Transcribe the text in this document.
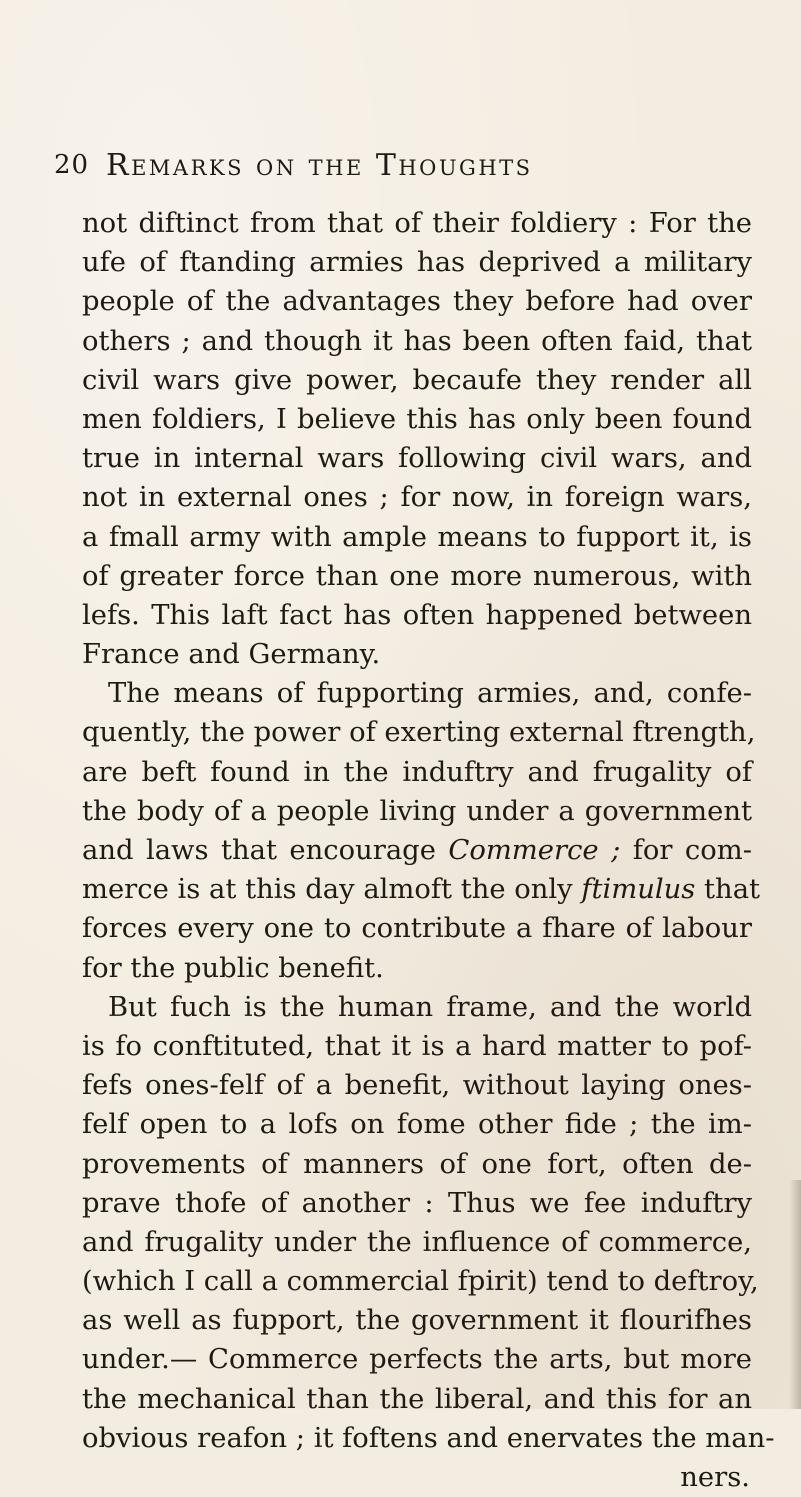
20 Remarks on the Thoughts
not diftinct from that of their foldiery : For the
ufe of ftanding armies has deprived a military
people of the advantages they before had over
others ; and though it has been often faid, that
civil wars give power, becaufe they render all
men foldiers, I believe this has only been found
true in internal wars following civil wars, and
not in external ones ; for now, in foreign wars,
a fmall army with ample means to fupport it, is
of greater force than one more numerous, with
lefs. This laft fact has often happened between
France and Germany.
The means of fupporting armies, and, confe-
quently, the power of exerting external ftrength,
are beft found in the induftry and frugality of
the body of a people living under a government
and laws that encourage Commerce ; for com-
merce is at this day almoft the only ftimulus that
forces every one to contribute a fhare of labour
for the public benefit.
But fuch is the human frame, and the world
is fo conftituted, that it is a hard matter to pof-
fefs ones-felf of a benefit, without laying ones-
felf open to a lofs on fome other fide ; the im-
provements of manners of one fort, often de-
prave thofe of another : Thus we fee induftry
and frugality under the influence of commerce,
(which I call a commercial fpirit) tend to deftroy,
as well as fupport, the government it flourifhes
under.— Commerce perfects the arts, but more
the mechanical than the liberal, and this for an
obvious reafon ; it foftens and enervates the man-
ners.
